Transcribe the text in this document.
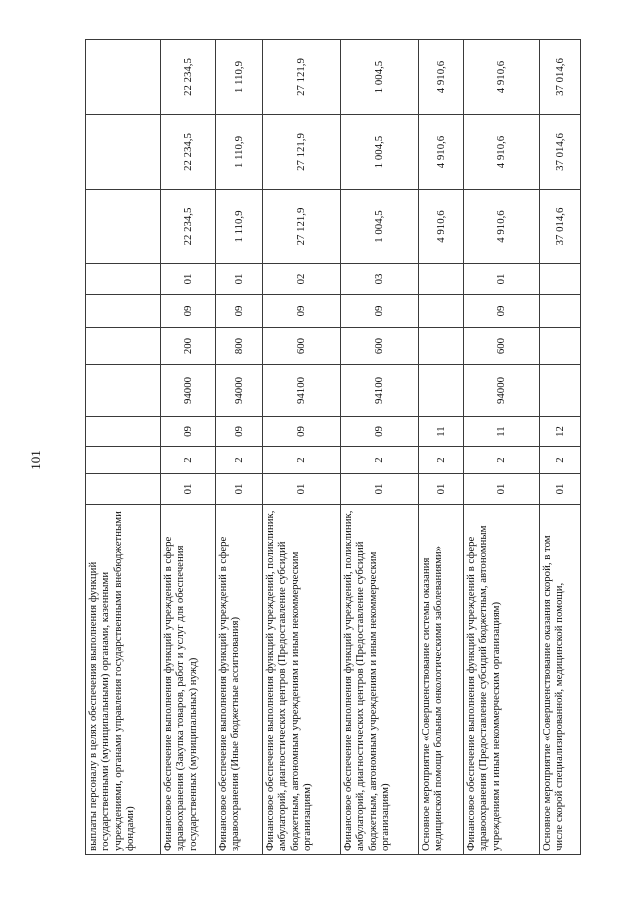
101
выплаты персоналу в целях обеспечения выполнения функций государственными (муниципальными) органами, казенными учреждениями, органами управления государственными внебюджетными фондами)										
Финансовое обеспечение выполнения функций учреждений в сфере здравоохранения (Закупка товаров, работ и услуг для обеспечения государственных (муниципальных) нужд)	01	2	09	94000	200	09	01	22 234,5	22 234,5	22 234,5
Финансовое обеспечение выполнения функций учреждений в сфере здравоохранения (Иные бюджетные ассигнования)	01	2	09	94000	800	09	01	1 110,9	1 110,9	1 110,9
Финансовое обеспечение выполнения функций учреждений, поликлиник, амбулаторий, диагностических центров (Предоставление субсидий бюджетным, автономным учреждениям и иным некоммерческим организациям)	01	2	09	94100	600	09	02	27 121,9	27 121,9	27 121,9
Финансовое обеспечение выполнения функций учреждений, поликлиник, амбулаторий, диагностических центров (Предоставление субсидий бюджетным, автономным учреждениям и иным некоммерческим организациям)	01	2	09	94100	600	09	03	1 004,5	1 004,5	1 004,5
Основное мероприятие «Совершенствование системы оказания медицинской помощи больным онкологическими заболеваниями»	01	2	11					4 910,6	4 910,6	4 910,6
Финансовое обеспечение выполнения функций учреждений в сфере здравоохранения (Предоставление субсидий бюджетным, автономным учреждениям и иным некоммерческим организациям)	01	2	11	94000	600	09	01	4 910,6	4 910,6	4 910,6
Основное мероприятие «Совершенствование оказания скорой, в том числе скорой специализированной, медицинской помощи,	01	2	12					37 014,6	37 014,6	37 014,6
